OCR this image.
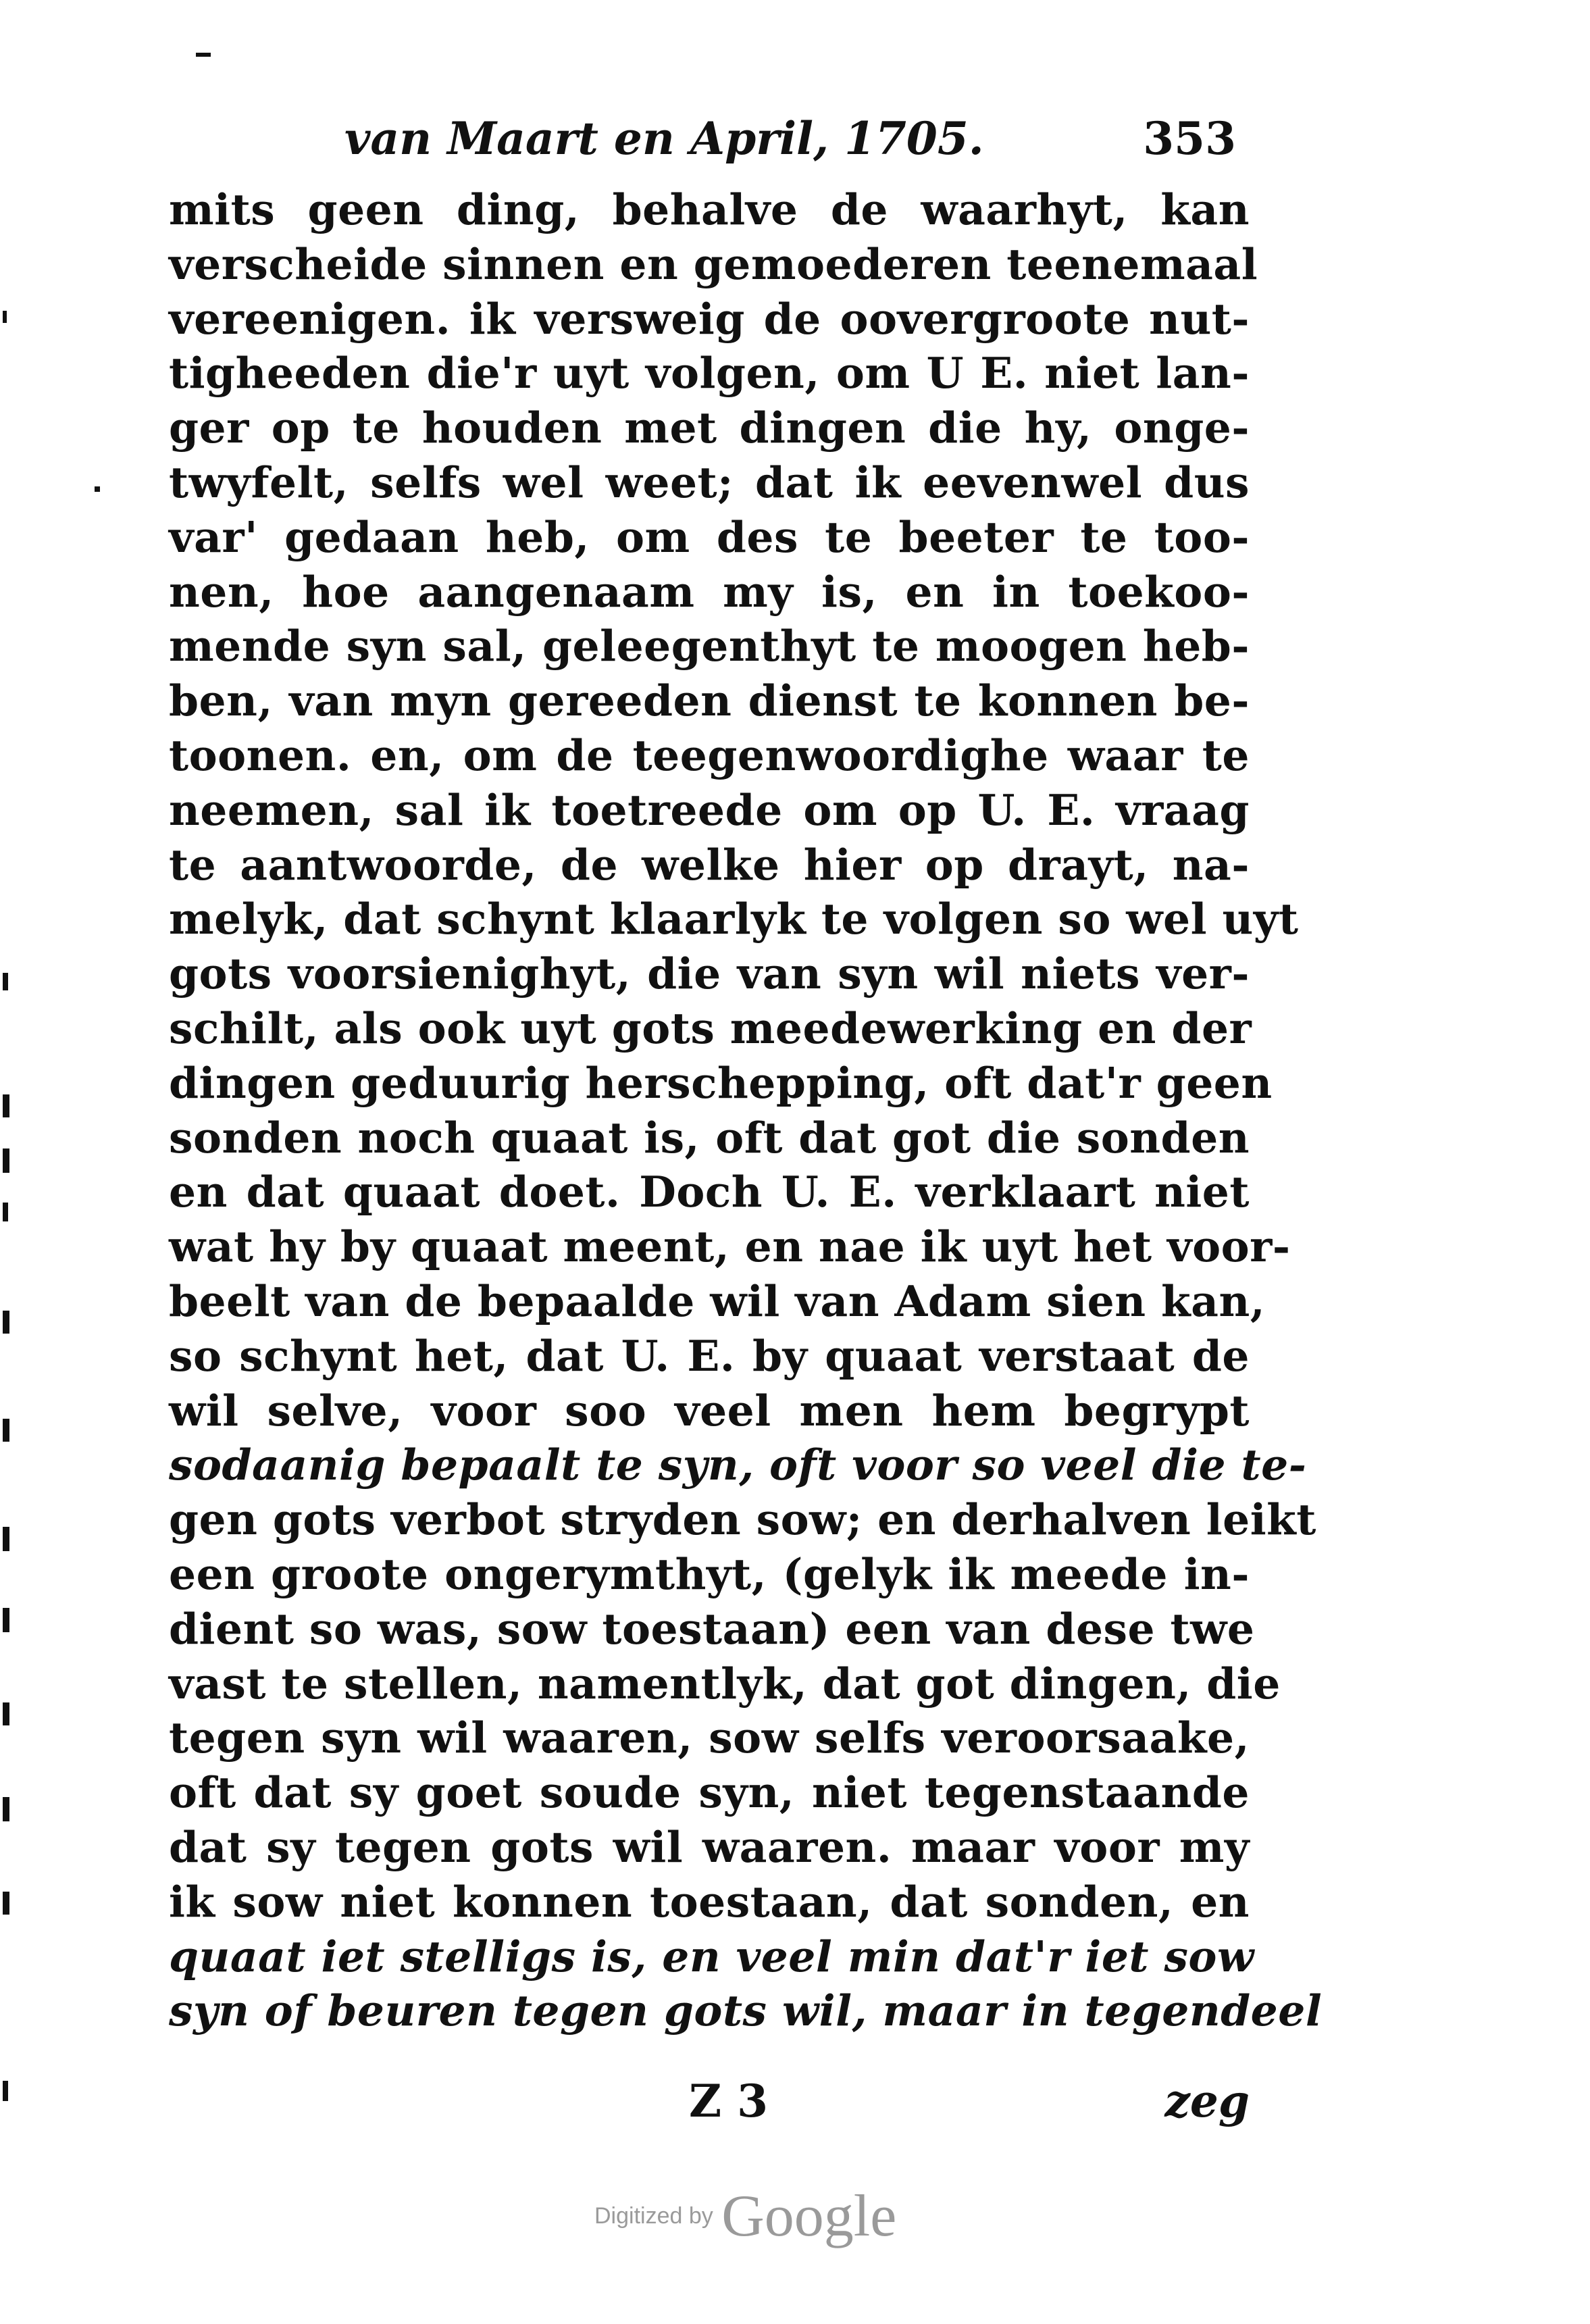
van Maart en April, 1705.	353
mits geen ding, behalve de waarhyt, kan
verscheide sinnen en gemoederen teenemaal
vereenigen. ik versweig de oovergroote nut-
tigheeden die'r uyt volgen, om U E. niet lan-
ger op te houden met dingen die hy, onge-
twyfelt, selfs wel weet; dat ik eevenwel dus
var' gedaan heb, om des te beeter te too-
nen, hoe aangenaam my is, en in toekoo-
mende syn sal, geleegenthyt te moogen heb-
ben, van myn gereeden dienst te konnen be-
toonen. en, om de teegenwoordighe waar te
neemen, sal ik toetreede om op U. E. vraag
te aantwoorde, de welke hier op drayt, na-
melyk, dat schynt klaarlyk te volgen so wel uyt
gots voorsienighyt, die van syn wil niets ver-
schilt, als ook uyt gots meedewerking en der
dingen geduurig herschepping, oft dat'r geen
sonden noch quaat is, oft dat got die sonden
en dat quaat doet. Doch U. E. verklaart niet
wat hy by quaat meent, en nae ik uyt het voor-
beelt van de bepaalde wil van Adam sien kan,
so schynt het, dat U. E. by quaat verstaat de
wil selve, voor soo veel men hem begrypt
sodaanig bepaalt te syn, oft voor so veel die te-
gen gots verbot stryden sow; en derhalven leikt
een groote ongerymthyt, (gelyk ik meede in-
dient so was, sow toestaan) een van dese twe
vast te stellen, namentlyk, dat got dingen, die
tegen syn wil waaren, sow selfs veroorsaake,
oft dat sy goet soude syn, niet tegenstaande
dat sy tegen gots wil waaren. maar voor my
ik sow niet konnen toestaan, dat sonden, en
quaat iet stelligs is, en veel min dat'r iet sow
syn of beuren tegen gots wil, maar in tegendeel
Z 3	zeg
Digitized by Google
